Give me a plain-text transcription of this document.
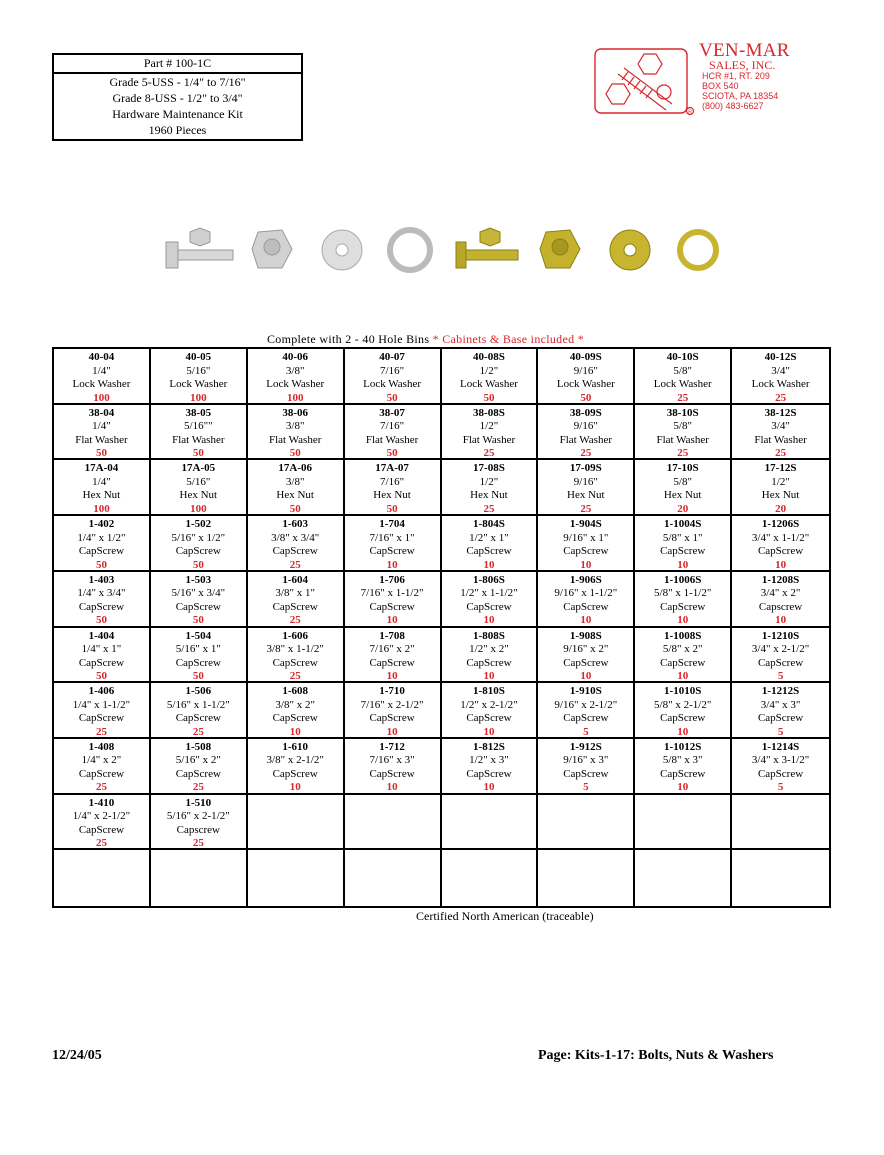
Part # 100-1C
Grade 5-USS - 1/4" to 7/16"
Grade 8-USS - 1/2" to 3/4"
Hardware Maintenance Kit
1960 Pieces
R
VEN-MAR
SALES, INC.
HCR #1, RT. 209
BOX 540
SCIOTA, PA 18354
(800) 483-6627
Complete with 2 - 40 Hole Bins * Cabinets & Base included *
40-04
1/4"
Lock Washer
100
40-05
5/16"
Lock Washer
100
40-06
3/8"
Lock Washer
100
40-07
7/16"
Lock Washer
50
40-08S
1/2"
Lock Washer
50
40-09S
9/16"
Lock Washer
50
40-10S
5/8"
Lock Washer
25
40-12S
3/4"
Lock Washer
25
38-04
1/4"
Flat Washer
50
38-05
5/16""
Flat Washer
50
38-06
3/8"
Flat Washer
50
38-07
7/16"
Flat Washer
50
38-08S
1/2"
Flat Washer
25
38-09S
9/16"
Flat Washer
25
38-10S
5/8"
Flat Washer
25
38-12S
3/4"
Flat Washer
25
17A-04
1/4"
Hex Nut
100
17A-05
5/16"
Hex Nut
100
17A-06
3/8"
Hex Nut
50
17A-07
7/16"
Hex Nut
50
17-08S
1/2"
Hex Nut
25
17-09S
9/16"
Hex Nut
25
17-10S
5/8"
Hex Nut
20
17-12S
1/2"
Hex Nut
20
1-402
1/4" x 1/2"
CapScrew
50
1-502
5/16" x 1/2"
CapScrew
50
1-603
3/8" x 3/4"
CapScrew
25
1-704
7/16" x 1"
CapScrew
10
1-804S
1/2" x 1"
CapScrew
10
1-904S
9/16" x 1"
CapScrew
10
1-1004S
5/8" x 1"
CapScrew
10
1-1206S
3/4" x 1-1/2"
CapScrew
10
1-403
1/4" x 3/4"
CapScrew
50
1-503
5/16" x 3/4"
CapScrew
50
1-604
3/8" x 1"
CapScrew
25
1-706
7/16" x 1-1/2"
CapScrew
10
1-806S
1/2" x 1-1/2"
CapScrew
10
1-906S
9/16" x 1-1/2"
CapScrew
10
1-1006S
5/8" x 1-1/2"
CapScrew
10
1-1208S
3/4" x 2"
Capscrew
10
1-404
1/4" x 1"
CapScrew
50
1-504
5/16" x 1"
CapScrew
50
1-606
3/8" x 1-1/2"
CapScrew
25
1-708
7/16" x 2"
CapScrew
10
1-808S
1/2" x 2"
CapScrew
10
1-908S
9/16" x 2"
CapScrew
10
1-1008S
5/8" x 2"
CapScrew
10
1-1210S
3/4" x 2-1/2"
CapScrew
5
1-406
1/4" x 1-1/2"
CapScrew
25
1-506
5/16" x 1-1/2"
CapScrew
25
1-608
3/8" x 2"
CapScrew
10
1-710
7/16" x 2-1/2"
CapScrew
10
1-810S
1/2" x 2-1/2"
CapScrew
10
1-910S
9/16" x 2-1/2"
CapScrew
5
1-1010S
5/8" x 2-1/2"
CapScrew
10
1-1212S
3/4" x 3"
CapScrew
5
1-408
1/4" x 2"
CapScrew
25
1-508
5/16" x 2"
CapScrew
25
1-610
3/8" x 2-1/2"
CapScrew
10
1-712
7/16" x 3"
CapScrew
10
1-812S
1/2" x 3"
CapScrew
10
1-912S
9/16" x 3"
CapScrew
5
1-1012S
5/8" x 3"
CapScrew
10
1-1214S
3/4" x 3-1/2"
CapScrew
5
1-410
1/4" x 2-1/2"
CapScrew
25
1-510
5/16" x 2-1/2"
Capscrew
25
Certified North American (traceable)
12/24/05	Page: Kits-1-17: Bolts, Nuts & Washers
